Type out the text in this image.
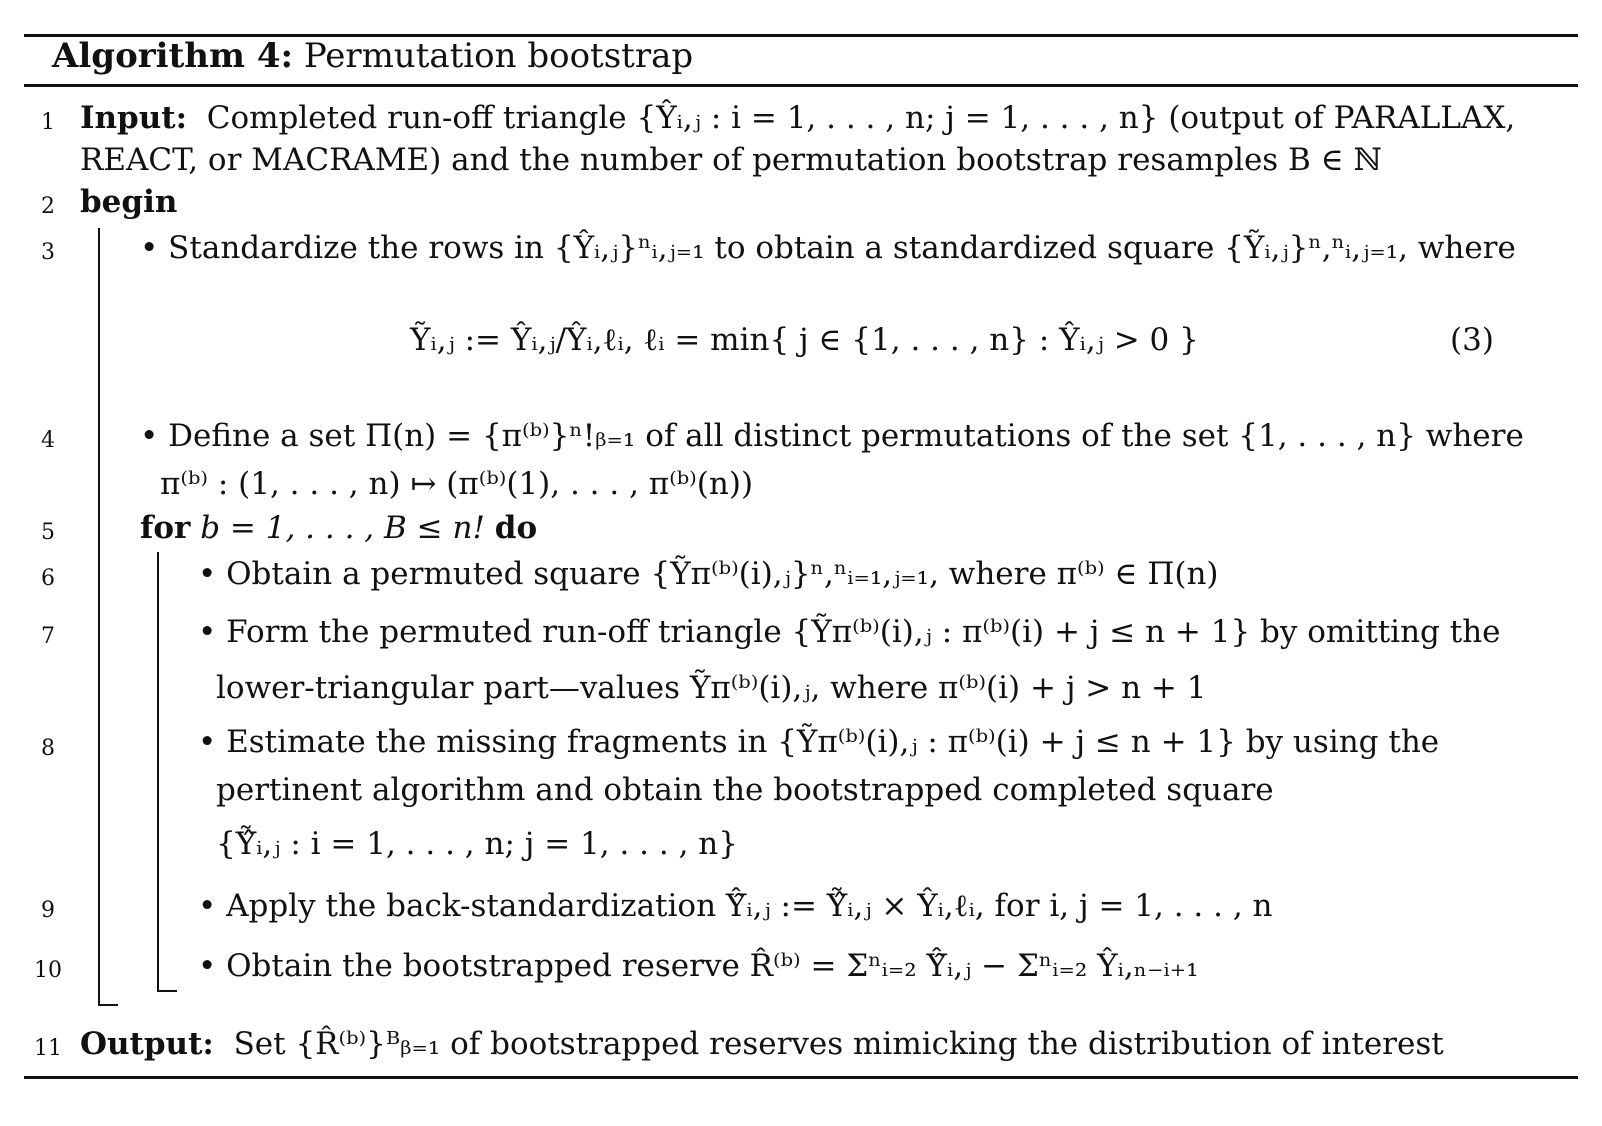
Algorithm 4: Permutation bootstrap
1 Input: Completed run-off triangle {Ŷᵢ,ⱼ : i = 1, . . . , n; j = 1, . . . , n} (output of PARALLAX,
REACT, or MACRAME) and the number of permutation bootstrap resamples B ∈ ℕ
2 begin
3	• Standardize the rows in {Ŷᵢ,ⱼ}ⁿᵢ,ⱼ₌₁ to obtain a standardized square {Ỹᵢ,ⱼ}ⁿ,ⁿᵢ,ⱼ₌₁, where
Ỹᵢ,ⱼ := Ŷᵢ,ⱼ/Ŷᵢ,ℓᵢ, ℓᵢ = min{ j ∈ {1, . . . , n} : Ŷᵢ,ⱼ > 0 }	(3)
4	• Define a set Π(n) = {π⁽ᵇ⁾}ⁿ!ᵦ₌₁ of all distinct permutations of the set {1, . . . , n} where
π⁽ᵇ⁾ : (1, . . . , n) ↦ (π⁽ᵇ⁾(1), . . . , π⁽ᵇ⁾(n))
5	for b = 1, . . . , B ≤ n! do
6	• Obtain a permuted square {Ỹπ⁽ᵇ⁾(i),ⱼ}ⁿ,ⁿᵢ₌₁,ⱼ₌₁, where π⁽ᵇ⁾ ∈ Π(n)
7	• Form the permuted run-off triangle {Ỹπ⁽ᵇ⁾(i),ⱼ : π⁽ᵇ⁾(i) + j ≤ n + 1} by omitting the
lower-triangular part—values Ỹπ⁽ᵇ⁾(i),ⱼ, where π⁽ᵇ⁾(i) + j > n + 1
8	• Estimate the missing fragments in {Ỹπ⁽ᵇ⁾(i),ⱼ : π⁽ᵇ⁾(i) + j ≤ n + 1} by using the
pertinent algorithm and obtain the bootstrapped completed square
{Ỹ̂ᵢ,ⱼ : i = 1, . . . , n; j = 1, . . . , n}
9	• Apply the back-standardization Ŷ̂ᵢ,ⱼ := Ỹ̂ᵢ,ⱼ × Ŷᵢ,ℓᵢ, for i, j = 1, . . . , n
10	• Obtain the bootstrapped reserve R̂⁽ᵇ⁾ = Σⁿᵢ₌₂ Ŷ̂ᵢ,ⱼ − Σⁿᵢ₌₂ Ŷᵢ,ₙ₋ᵢ₊₁
11 Output: Set {R̂⁽ᵇ⁾}ᴮᵦ₌₁ of bootstrapped reserves mimicking the distribution of interest
